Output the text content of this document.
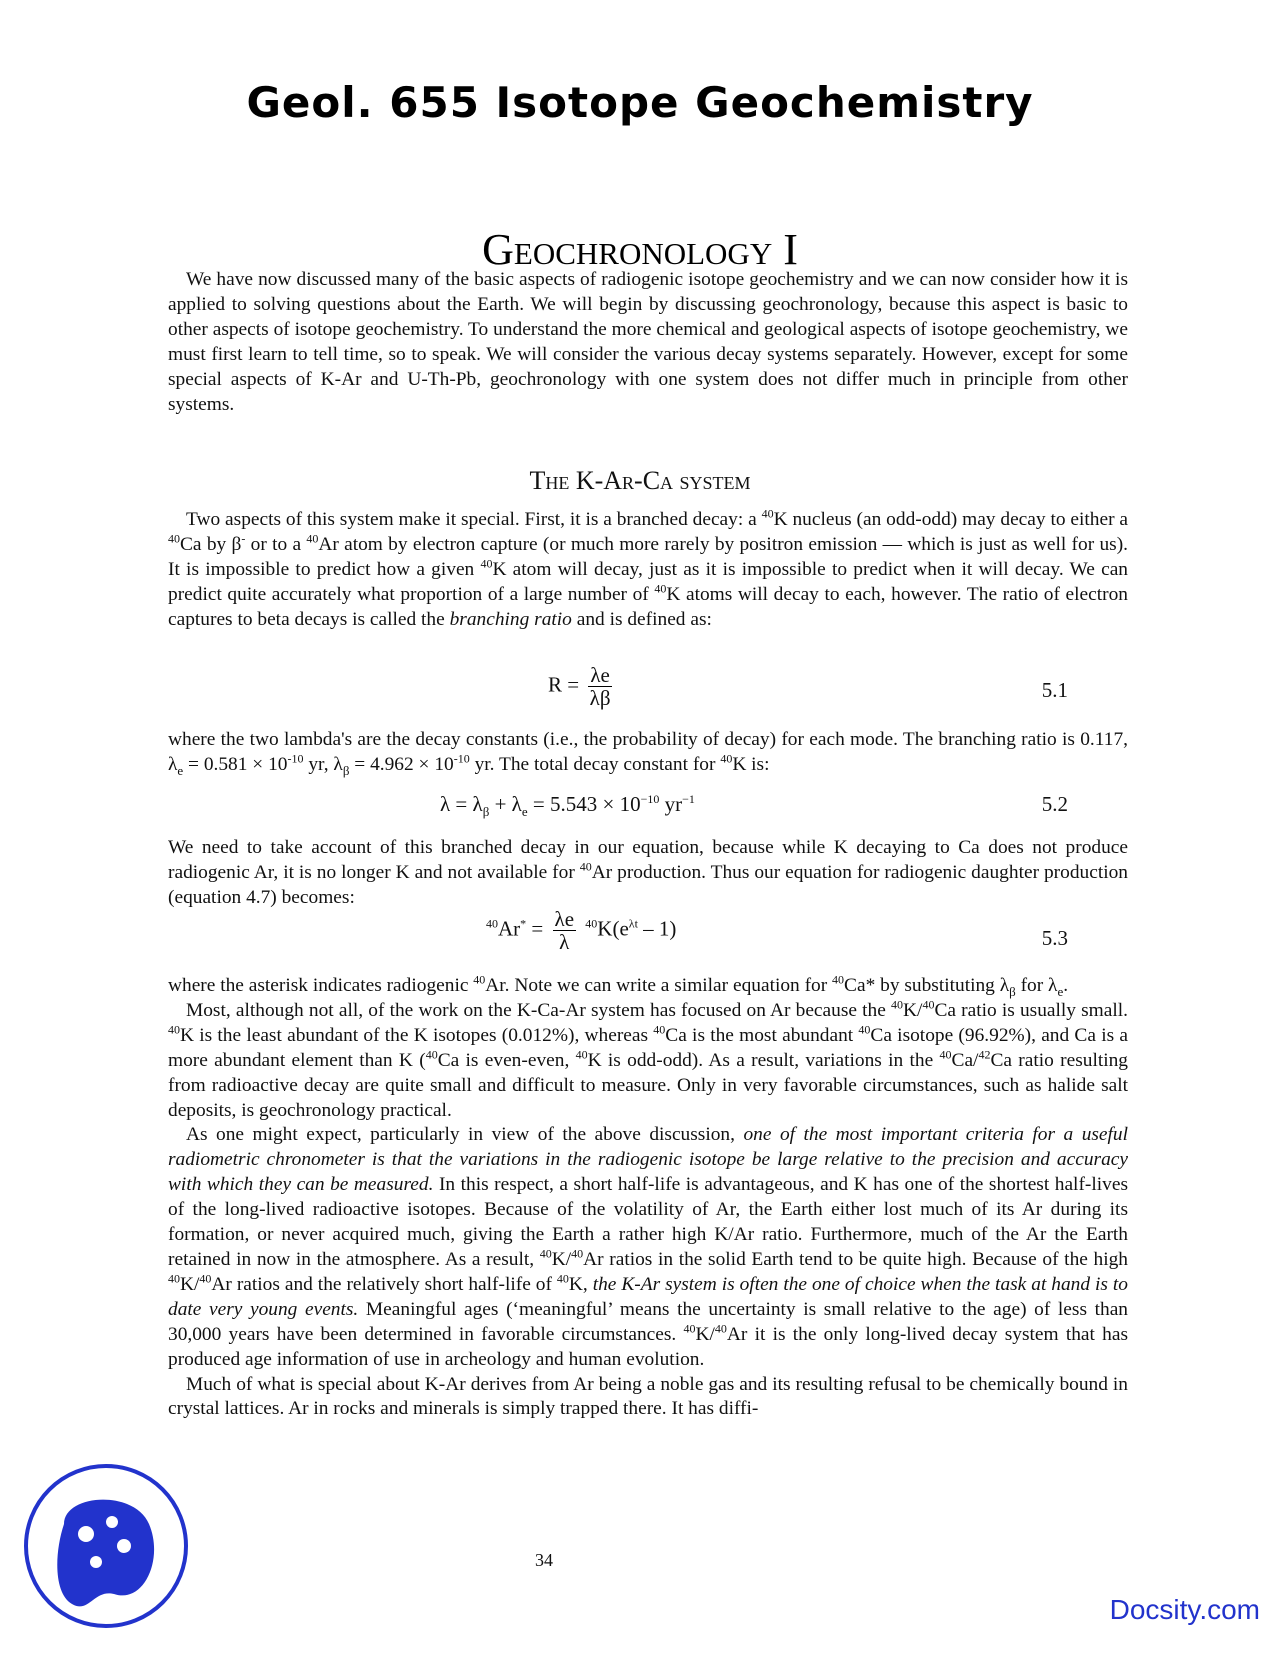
Geol. 655 Isotope Geochemistry
Geochronology I

We have now discussed many of the basic aspects of radiogenic isotope geochemistry and we can now consider how it is applied to solving questions about the Earth. We will begin by discussing geochronology, because this aspect is basic to other aspects of isotope geochemistry. To understand the more chemical and geological aspects of isotope geochemistry, we must first learn to tell time, so to speak. We will consider the various decay systems separately. However, except for some special aspects of K-Ar and U-Th-Pb, geochronology with one system does not differ much in principle from other systems.

The K-Ar-Ca system

Two aspects of this system make it special. First, it is a branched decay: a $^{40}$K nucleus (an odd-odd) may decay to either a $^{40}$Ca by β- or to a $^{40}$Ar atom by electron capture (or much more rarely by positron emission — which is just as well for us). It is impossible to predict how a given $^{40}$K atom will decay, just as it is impossible to predict when it will decay. We can predict quite accurately what proportion of a large number of $^{40}$K atoms will decay to each, however. The ratio of electron captures to beta decays is called the branching ratio and is defined as:

$R = \frac{\lambda e}{\lambda\beta}$	5.1

where the two lambda's are the decay constants (i.e., the probability of decay) for each mode. The branching ratio is 0.117, $\lambda_e = 0.581 \times 10^{-10}$ yr, $\lambda_\beta = 4.962 \times 10^{-10}$ yr. The total decay constant for $^{40}$K is:

$\lambda = \lambda_\beta + \lambda_e = 5.543 \times 10^{-10}$ $yr^{-1}$	5.2

We need to take account of this branched decay in our equation, because while K decaying to Ca does not produce radiogenic Ar, it is no longer K and not available for $^{40}$Ar production. Thus our equation for radiogenic daughter production (equation 4.7) becomes:

$^{40}Ar^* = \frac{\lambda e}{\lambda} ^{40}K(e^{\lambda t} - 1)$	5.3

where the asterisk indicates radiogenic $^{40}$Ar. Note we can write a similar equation for $^{40}$Ca* by substituting $\lambda_\beta$ for $\lambda_e$.

Most, although not all, of the work on the K-Ca-Ar system has focused on Ar because the $^{40}$K/$^{40}$Ca ratio is usually small. $^{40}$K is the least abundant of the K isotopes (0.012%), whereas $^{40}$Ca is the most abundant $^{40}$Ca isotope (96.92%), and Ca is a more abundant element than K ($^{40}$Ca is even-even, $^{40}$K is odd-odd). As a result, variations in the $^{40}$Ca/$^{42}$Ca ratio resulting from radioactive decay are quite small and difficult to measure. Only in very favorable circumstances, such as halide salt deposits, is geochronology practical.

As one might expect, particularly in view of the above discussion, one of the most important criteria for a useful radiometric chronometer is that the variations in the radiogenic isotope be large relative to the precision and accuracy with which they can be measured. In this respect, a short half-life is advantageous, and K has one of the shortest half-lives of the long-lived radioactive isotopes. Because of the volatility of Ar, the Earth either lost much of its Ar during its formation, or never acquired much, giving the Earth a rather high K/Ar ratio. Furthermore, much of the Ar the Earth retained in now in the atmosphere. As a result, $^{40}$K/$^{40}$Ar ratios in the solid Earth tend to be quite high. Because of the high $^{40}$K/$^{40}$Ar ratios and the relatively short half-life of $^{40}$K, the K-Ar system is often the one of choice when the task at hand is to date very young events. Meaningful ages (‘meaningful’ means the uncertainty is small relative to the age) of less than 30,000 years have been determined in favorable circumstances. $^{40}$K/$^{40}$Ar it is the only long-lived decay system that has produced age information of use in archeology and human evolution.

Much of what is special about K-Ar derives from Ar being a noble gas and its resulting refusal to be chemically bound in crystal lattices. Ar in rocks and minerals is simply trapped there. It has diffi-

34
Docsity.com
